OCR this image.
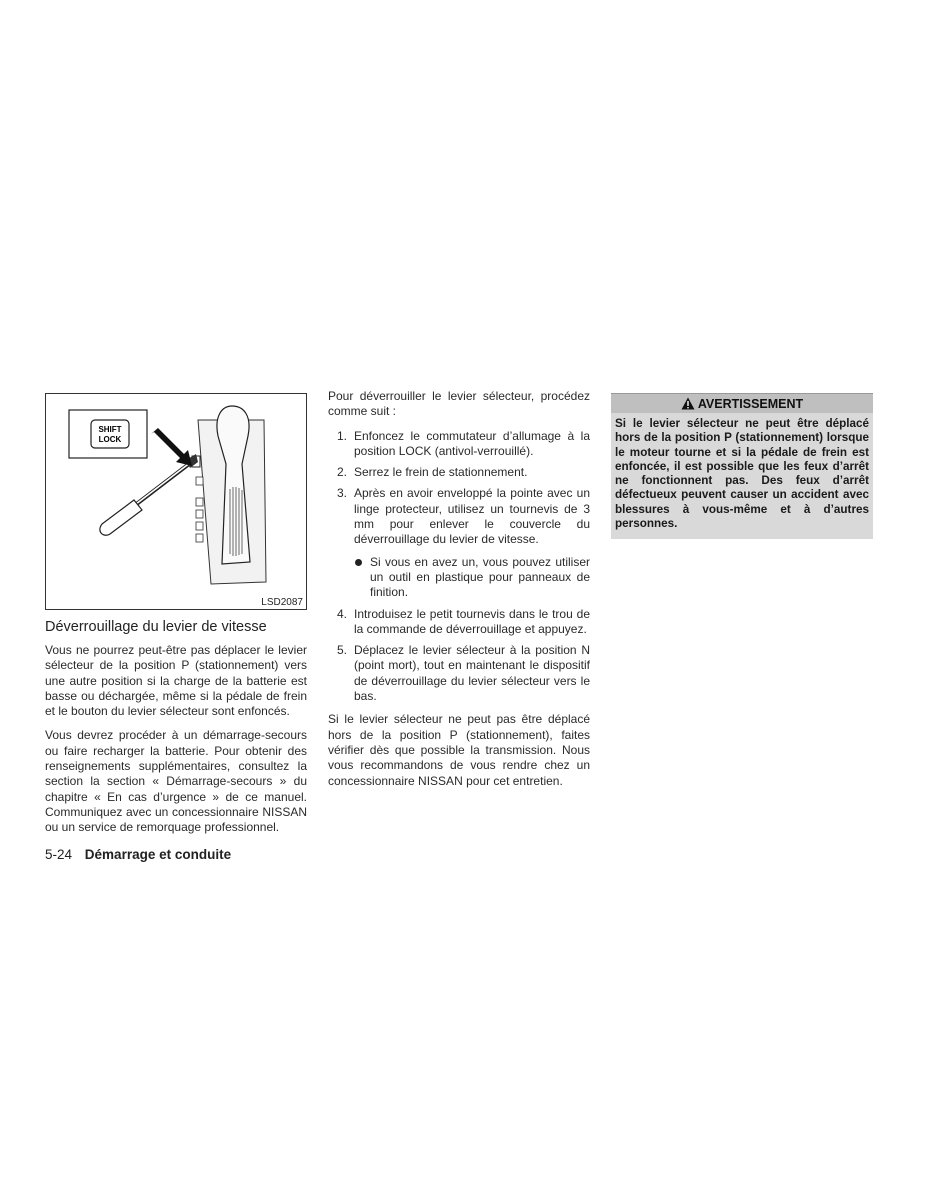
SHIFT
LOCK
LSD2087
Déverrouillage du levier de vitesse

Vous ne pourrez peut-être pas déplacer le levier sélecteur de la position P (stationnement) vers une autre position si la charge de la batterie est basse ou déchargée, même si la pédale de frein et le bouton du levier sélecteur sont enfoncés.

Vous devrez procéder à un démarrage-secours ou faire recharger la batterie. Pour obtenir des renseignements supplémentaires, consultez la section la section « Démarrage-secours » du chapitre « En cas d’urgence » de ce manuel. Communiquez avec un concessionnaire NISSAN ou un service de remorquage professionnel.

Pour déverrouiller le levier sélecteur, procédez comme suit :

1. Enfoncez le commutateur d’allumage à la position LOCK (antivol-verrouillé).
2. Serrez le frein de stationnement.
3. Après en avoir enveloppé la pointe avec un linge protecteur, utilisez un tournevis de 3 mm pour enlever le couvercle du déverrouillage du levier de vitesse.
Si vous en avez un, vous pouvez utiliser un outil en plastique pour panneaux de finition.
4. Introduisez le petit tournevis dans le trou de la commande de déverrouillage et appuyez.
5. Déplacez le levier sélecteur à la position N (point mort), tout en maintenant le dispositif de déverrouillage du levier sélecteur vers le bas.

Si le levier sélecteur ne peut pas être déplacé hors de la position P (stationnement), faites vérifier dès que possible la transmission. Nous vous recommandons de vous rendre chez un concessionnaire NISSAN pour cet entretien.

AVERTISSEMENT
Si le levier sélecteur ne peut être déplacé hors de la position P (stationnement) lorsque le moteur tourne et si la pédale de frein est enfoncée, il est possible que les feux d’arrêt ne fonctionnent pas. Des feux d’arrêt défectueux peuvent causer un accident avec blessures à vous-même et à d’autres personnes.
5-24 Démarrage et conduite
